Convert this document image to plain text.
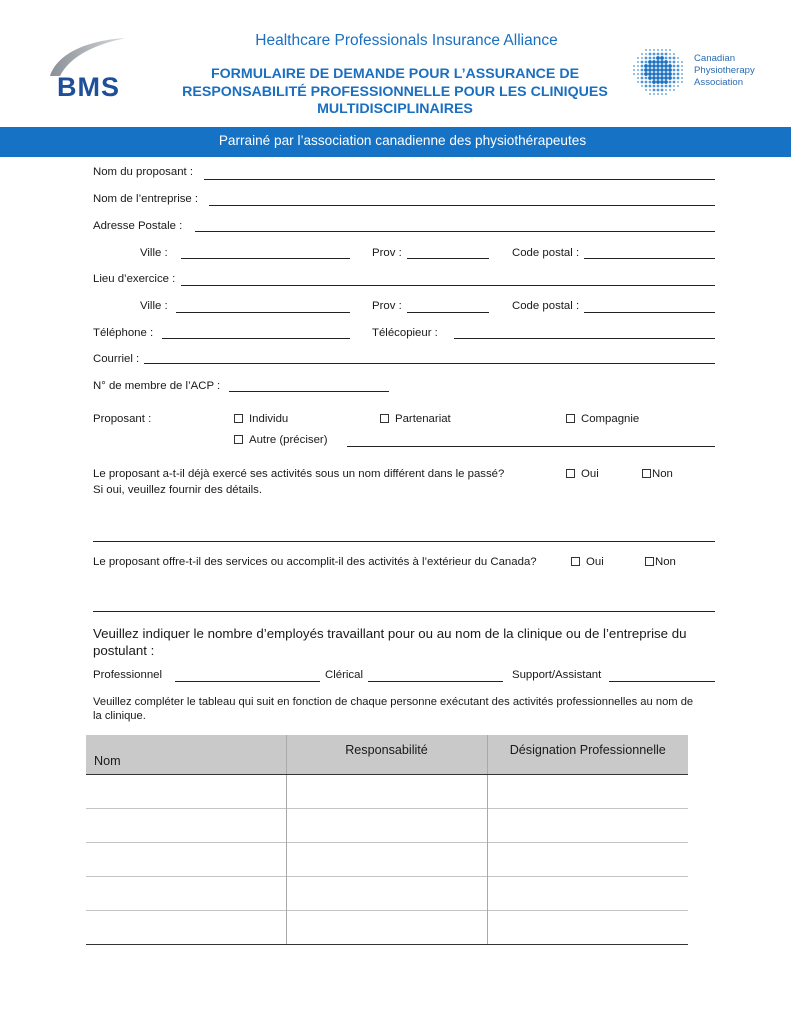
BMS
Canadian
Physiotherapy
Association
Healthcare Professionals Insurance Alliance
FORMULAIRE DE DEMANDE POUR L’ASSURANCE DE RESPONSABILITÉ PROFESSIONNELLE POUR LES CLINIQUES MULTIDISCIPLINAIRES
Parrainé par l’association canadienne des physiothérapeutes
Nom du proposant :
Nom de l’entreprise :
Adresse Postale :
Ville :	Prov :	Code postal :
Lieu d’exercice :
Ville :	Prov :	Code postal :
Téléphone :	Télécopieur :
Courriel :
N° de membre de l’ACP :
Proposant :	Individu	Partenariat	Compagnie
Autre (préciser)
Le proposant a-t-il déjà exercé ses activités sous un nom différent dans le passé?
Si oui, veuillez fournir des détails.
Oui	Non
Le proposant offre-t-il des services ou accomplit-il des activités à l’extérieur du Canada?	Oui	Non
Veuillez indiquer le nombre d’employés travaillant pour ou au nom de la clinique ou de l’entreprise du postulant :
Professionnel	Clérical	Support/Assistant
Veuillez compléter le tableau qui suit en fonction de chaque personne exécutant des activités professionnelles au nom de la clinique.
Nom	Responsabilité	Désignation Professionnelle
